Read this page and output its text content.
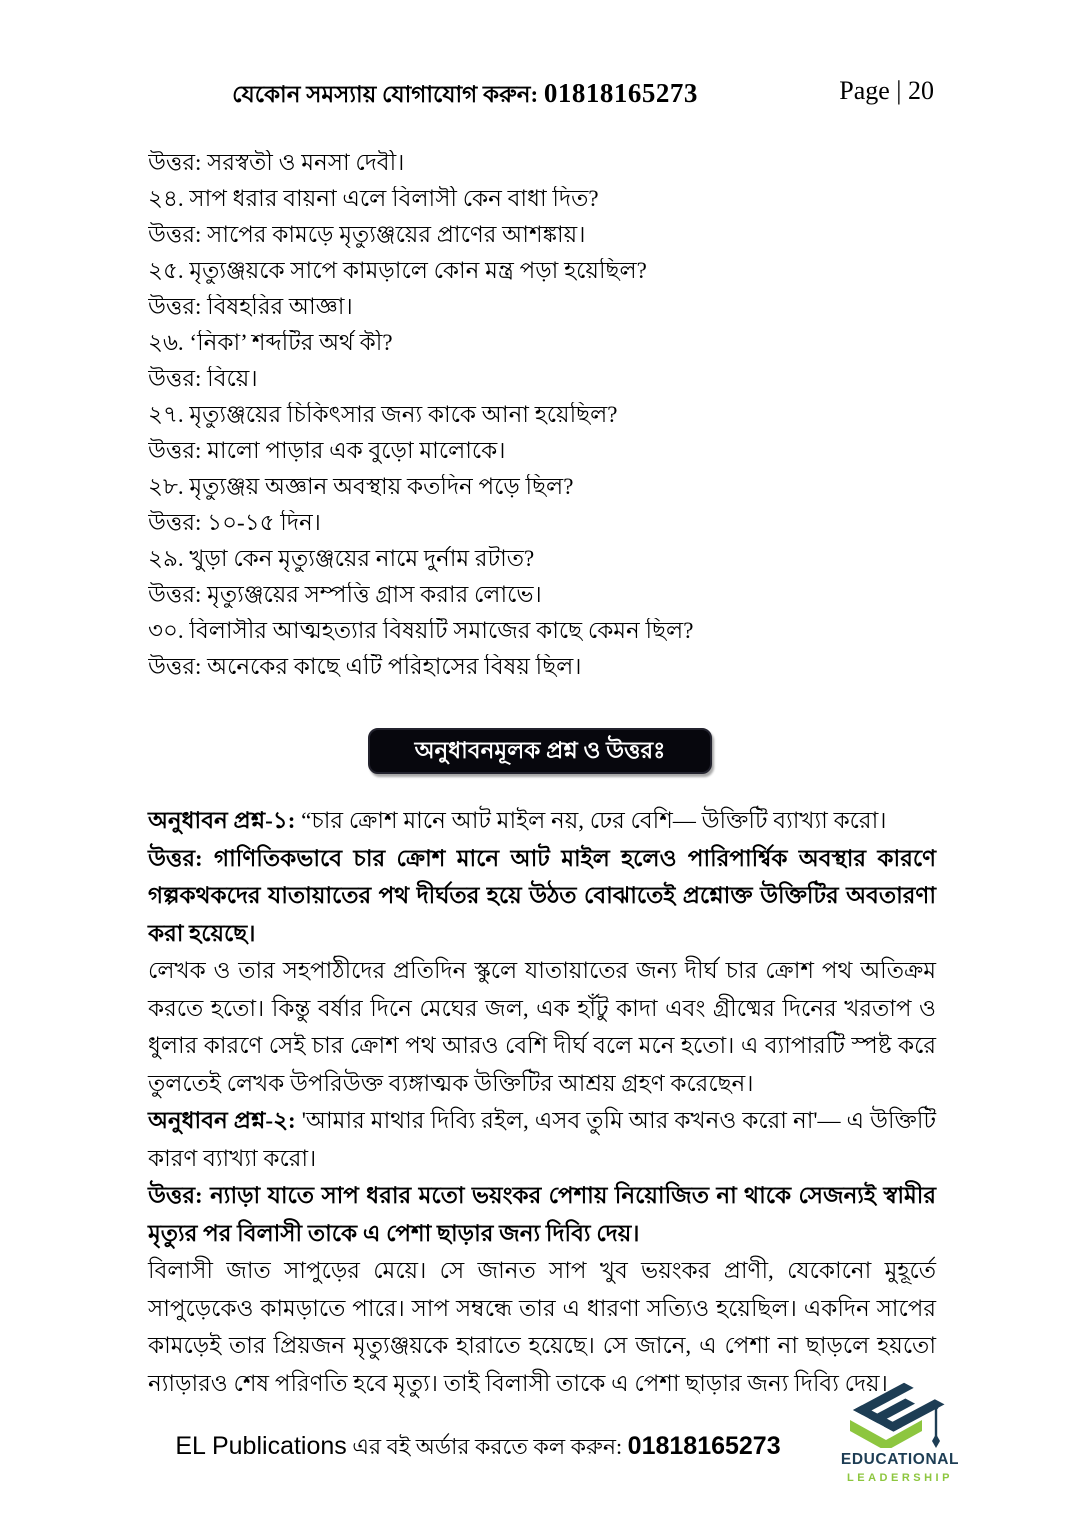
যেকোন সমস্যায় যোগাযোগ করুন: 01818165273	Page | 20
উত্তর: সরস্বতী ও মনসা দেবী।
২৪. সাপ ধরার বায়না এলে বিলাসী কেন বাধা দিত?
উত্তর: সাপের কামড়ে মৃত্যুঞ্জয়ের প্রাণের আশঙ্কায়।
২৫. মৃত্যুঞ্জয়কে সাপে কামড়ালে কোন মন্ত্র পড়া হয়েছিল?
উত্তর: বিষহরির আজ্ঞা।
২৬. ‘নিকা’ শব্দটির অর্থ কী?
উত্তর: বিয়ে।
২৭. মৃত্যুঞ্জয়ের চিকিৎসার জন্য কাকে আনা হয়েছিল?
উত্তর: মালো পাড়ার এক বুড়ো মালোকে।
২৮. মৃত্যুঞ্জয় অজ্ঞান অবস্থায় কতদিন পড়ে ছিল?
উত্তর: ১০-১৫ দিন।
২৯. খুড়া কেন মৃত্যুঞ্জয়ের নামে দুর্নাম রটাত?
উত্তর: মৃত্যুঞ্জয়ের সম্পত্তি গ্রাস করার লোভে।
৩০. বিলাসীর আত্মহত্যার বিষয়টি সমাজের কাছে কেমন ছিল?
উত্তর: অনেকের কাছে এটি পরিহাসের বিষয় ছিল।
অনুধাবনমূলক প্রশ্ন ও উত্তরঃ

অনুধাবন প্রশ্ন-১: “চার ক্রোশ মানে আট মাইল নয়, ঢের বেশি— উক্তিটি ব্যাখ্যা করো।

উত্তর: গাণিতিকভাবে চার ক্রোশ মানে আট মাইল হলেও পারিপার্শ্বিক অবস্থার কারণে গল্পকথকদের যাতায়াতের পথ দীর্ঘতর হয়ে উঠত বোঝাতেই প্রশ্নোক্ত উক্তিটির অবতারণা করা হয়েছে।

লেখক ও তার সহপাঠীদের প্রতিদিন স্কুলে যাতায়াতের জন্য দীর্ঘ চার ক্রোশ পথ অতিক্রম করতে হতো। কিন্তু বর্ষার দিনে মেঘের জল, এক হাঁটু কাদা এবং গ্রীষ্মের দিনের খরতাপ ও ধুলার কারণে সেই চার ক্রোশ পথ আরও বেশি দীর্ঘ বলে মনে হতো। এ ব্যাপারটি স্পষ্ট করে তুলতেই লেখক উপরিউক্ত ব্যঙ্গাত্মক উক্তিটির আশ্রয় গ্রহণ করেছেন।

অনুধাবন প্রশ্ন-২: 'আমার মাথার দিব্যি রইল, এসব তুমি আর কখনও করো না'— এ উক্তিটি কারণ ব্যাখ্যা করো।

উত্তর: ন্যাড়া যাতে সাপ ধরার মতো ভয়ংকর পেশায় নিয়োজিত না থাকে সেজন্যই স্বামীর মৃত্যুর পর বিলাসী তাকে এ পেশা ছাড়ার জন্য দিব্যি দেয়।

বিলাসী জাত সাপুড়ের মেয়ে। সে জানত সাপ খুব ভয়ংকর প্রাণী, যেকোনো মুহূর্তে সাপুড়েকেও কামড়াতে পারে। সাপ সম্বন্ধে তার এ ধারণা সত্যিও হয়েছিল। একদিন সাপের কামড়েই তার প্রিয়জন মৃত্যুঞ্জয়কে হারাতে হয়েছে। সে জানে, এ পেশা না ছাড়লে হয়তো ন্যাড়ারও শেষ পরিণতি হবে মৃত্যু। তাই বিলাসী তাকে এ পেশা ছাড়ার জন্য দিব্যি দেয়।

EL Publications এর বই অর্ডার করতে কল করুন: 01818165273	EDUCATIONAL
LEADERSHIP
